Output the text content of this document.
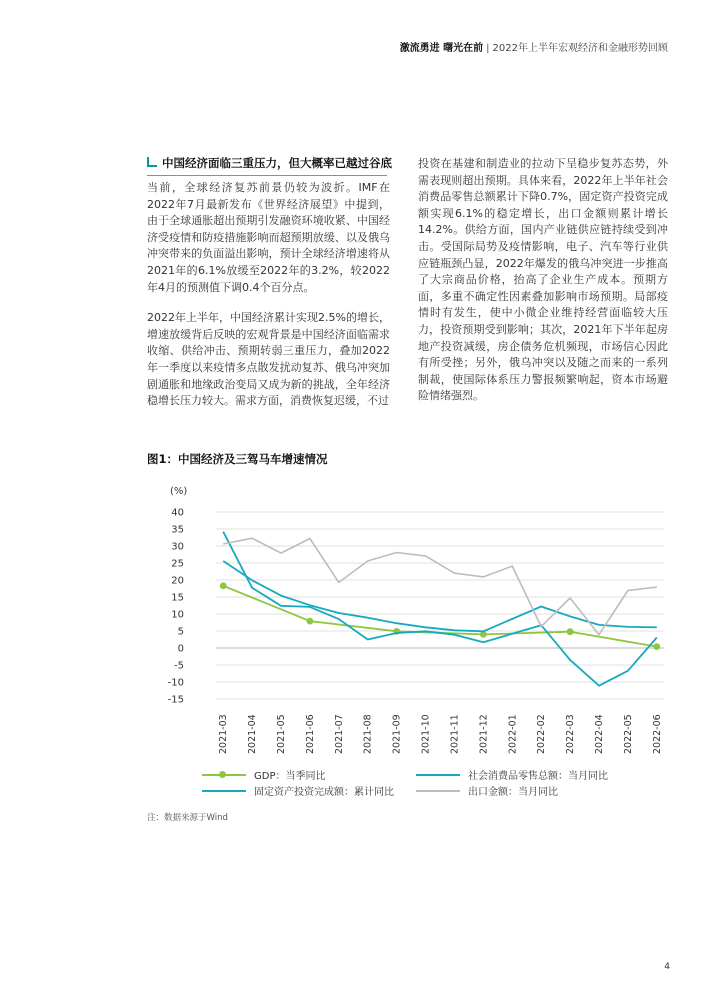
激流勇进 曙光在前 | 2022年上半年宏观经济和金融形势回顾
中国经济面临三重压力，但大概率已越过谷底

当前，全球经济复苏前景仍较为波折。IMF在2022年7月最新发布《世界经济展望》中提到，由于全球通胀超出预期引发融资环境收紧、中国经济受疫情和防疫措施影响而超预期放缓、以及俄乌冲突带来的负面溢出影响，预计全球经济增速将从2021年的6.1%放缓至2022年的3.2%，较2022年4月的预测值下调0.4个百分点。

2022年上半年，中国经济累计实现2.5%的增长，增速放缓背后反映的宏观背景是中国经济面临需求收缩、供给冲击、预期转弱三重压力，叠加2022年一季度以来疫情多点散发扰动复苏、俄乌冲突加剧通胀和地缘政治变局又成为新的挑战，全年经济稳增长压力较大。需求方面，消费恢复迟缓，不过

投资在基建和制造业的拉动下呈稳步复苏态势，外需表现则超出预期。具体来看，2022年上半年社会消费品零售总额累计下降0.7%，固定资产投资完成额实现6.1%的稳定增长，出口金额则累计增长14.2%。供给方面，国内产业链供应链持续受到冲击。受国际局势及疫情影响，电子、汽车等行业供应链瓶颈凸显，2022年爆发的俄乌冲突进一步推高了大宗商品价格，抬高了企业生产成本。预期方面，多重不确定性因素叠加影响市场预期。局部疫情时有发生，使中小微企业维持经营面临较大压力，投资预期受到影响；其次，2021年下半年起房地产投资减缓，房企债务危机频现，市场信心因此有所受挫；另外，俄乌冲突以及随之而来的一系列制裁，使国际体系压力警报频繁响起，资本市场避险情绪强烈。

图1：中国经济及三驾马车增速情况
(%)
40
35
30
25
20
15
10
5
0
-5
-10
-15
2021-03 2021-04 2021-05 2021-06 2021-07 2021-08 2021-09 2021-10 2021-11 2021-12 2022-01 2022-02 2022-03 2022-04 2022-05 2022-06
GDP：当季同比	社会消费品零售总额：当月同比
固定资产投资完成额：累计同比	出口金额：当月同比
注：数据来源于Wind
4
